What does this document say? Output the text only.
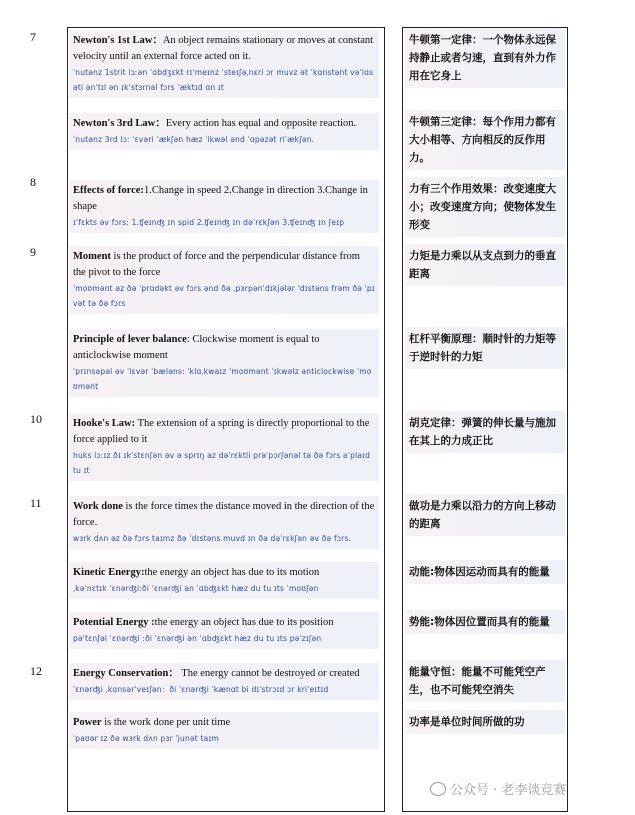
7
8
9
10
11
12
Newton's 1st Law：An object remains stationary or moves at constant velocity until an external force acted on it.
ˈnutənz 1strit lɔːən ˈɑbdʒɛkt rɪˈmeɪnz ˈsteɪʃəˌnɛri ɔr muvz ət ˈkɑnstənt vəˈlɑsəti ənˈtɪl ən ɪkˈstɜrnəl fɔrs ˈæktɪd ɑn ɪt
Newton's 3rd Law：Every action has equal and opposite reaction.
ˈnutənz 3rd lɔː ˈɛvəri ˈækʃən hæz ˈikwəl ənd ˈɑpəzət riˈækʃən.
牛顿第一定律：一个物体永远保持静止或者匀速，直到有外力作用在它身上
牛顿第三定律：每个作用力都有大小相等、方向相反的反作用力。
Effects of force:1.Change in speed 2.Change in direction 3.Change in shape
ɪˈfɛkts əv fɔrs: 1.ʧeɪnʤ ɪn spid 2.ʧeɪnʤ ɪn dəˈrɛkʃən 3.ʧeɪnʤ ɪn ʃeɪp
力有三个作用效果：改变速度大小；改变速度方向；使物体发生形变
Moment is the product of force and the perpendicular distance from the pivot to the force
ˈmoʊmənt əz ðə ˈprɑdəkt əv fɔrs ənd ðə ˌpɜrpənˈdɪkjələr ˈdɪstəns frəm ðə ˈpɪvət tə ðə fɔrs
Principle of lever balance: Clockwise moment is equal to anticlockwise moment
ˈprɪnsəpəl əv ˈlɛvər ˈbæləns: ˈklɑˌkwaɪz ˈmoʊmənt ˈɪkwəlz anticlockwise ˈmoʊmənt
力矩是力乘以从支点到力的垂直距离
杠杆平衡原理：顺时针的力矩等于逆时针的力矩
Hooke's Law: The extension of a spring is directly proportional to the force applied to it
huks lɔːɪz ðɪ ɪkˈstɛnʃən əv ə sprɪŋ əz dəˈrɛktli prəˈpɔrʃənəl tə ðə fɔrs əˈplaɪd tu ɪt
胡克定律：弹簧的伸长量与施加在其上的力成正比
Work done is the force times the distance moved in the direction of the force.
wɜrk dʌn əz ðə fɔrs taɪmz ðə ˈdɪstəns muvd ɪn ðə dəˈrɛkʃən əv ðə fɔrs.
Kinetic Energy:the energy an object has due to its motion
ˌkəˈnɛtɪk ˈɛnərʤiːði ˈɛnərʤi ən ˈɑbʤɛkt hæz du tu ɪts ˈmoʊʃən
Potential Energy :the energy an object has due to its position
pəˈtɛnʃəl ˈɛnərʤi :ði ˈɛnərʤi ən ˈɑbʤɛkt hæz du tu ɪts pəˈzɪʃən
做功是力乘以沿力的方向上移动的距离
动能:物体因运动而具有的能量
势能:物体因位置而具有的能量
Energy Conservation： The energy cannot be destroyed or created
ˈɛnərʤi ˌkɑnsərˈveɪʃən：ði ˈɛnərʤi ˈkænɑt bi dɪˈstrɔɪd ɔr kriˈeɪtɪd
Power is the work done per unit time
ˈpaʊər ɪz ðə wɜrk dʌn pɜr ˈjunət taɪm
能量守恒：能量不可能凭空产生，也不可能凭空消失
功率是单位时间所做的功
公众号 · 老李谈竞赛
